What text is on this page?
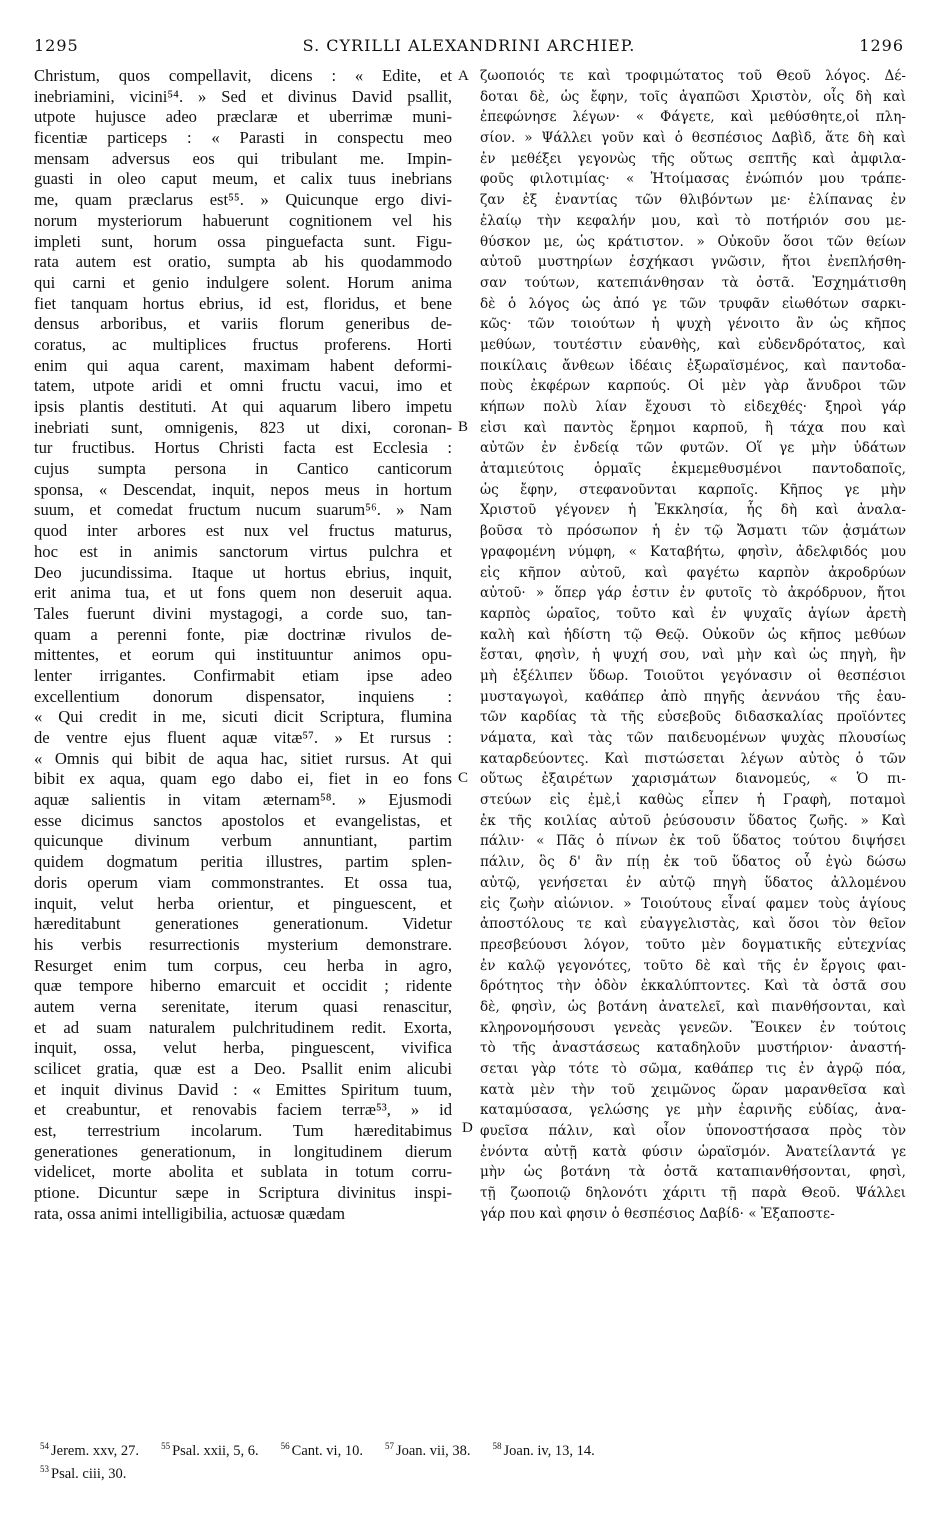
1295	S. CYRILLI ALEXANDRINI ARCHIEP.	1296
Christum, quos compellavit, dicens : « Edite, et
inebriamini, vicini⁵⁴. » Sed et divinus David psallit,
utpote hujusce adeo præclaræ et uberrimæ muni-
ficentiæ particeps : « Parasti in conspectu meo
mensam adversus eos qui tribulant me. Impin-
guasti in oleo caput meum, et calix tuus inebrians
me, quam præclarus est⁵⁵. » Quicunque ergo divi-
norum mysteriorum habuerunt cognitionem vel his
impleti sunt, horum ossa pinguefacta sunt. Figu-
rata autem est oratio, sumpta ab his quodammodo
qui carni et genio indulgere solent. Horum anima
fiet tanquam hortus ebrius, id est, floridus, et bene
densus arboribus, et variis florum generibus de-
coratus, ac multiplices fructus proferens. Horti
enim qui aqua carent, maximam habent deformi-
tatem, utpote aridi et omni fructu vacui, imo et
ipsis plantis destituti. At qui aquarum libero impetu
inebriati sunt, omnigenis, 823 ut dixi, coronan-
tur fructibus. Hortus Christi facta est Ecclesia :
cujus sumpta persona in Cantico canticorum
sponsa, « Descendat, inquit, nepos meus in hortum
suum, et comedat fructum nucum suarum⁵⁶. » Nam
quod inter arbores est nux vel fructus maturus,
hoc est in animis sanctorum virtus pulchra et
Deo jucundissima. Itaque ut hortus ebrius, inquit,
erit anima tua, et ut fons quem non deseruit aqua.
Tales fuerunt divini mystagogi, a corde suo, tan-
quam a perenni fonte, piæ doctrinæ rivulos de-
mittentes, et eorum qui instituuntur animos opu-
lenter irrigantes. Confirmabit etiam ipse adeo
excellentium donorum dispensator, inquiens :
« Qui credit in me, sicuti dicit Scriptura, flumina
de ventre ejus fluent aquæ vitæ⁵⁷. » Et rursus :
« Omnis qui bibit de aqua hac, sitiet rursus. At qui
bibit ex aqua, quam ego dabo ei, fiet in eo fons
aquæ salientis in vitam æternam⁵⁸. » Ejusmodi
esse dicimus sanctos apostolos et evangelistas, et
quicunque divinum verbum annuntiant, partim
quidem dogmatum peritia illustres, partim splen-
doris operum viam commonstrantes. Et ossa tua,
inquit, velut herba orientur, et pinguescent, et
hæreditabunt generationes generationum. Videtur
his verbis resurrectionis mysterium demonstrare.
Resurget enim tum corpus, ceu herba in agro,
quæ tempore hiberno emarcuit et occidit ; ridente
autem verna serenitate, iterum quasi renascitur,
et ad suam naturalem pulchritudinem redit. Exorta,
inquit, ossa, velut herba, pinguescent, vivifica
scilicet gratia, quæ est a Deo. Psallit enim alicubi
et inquit divinus David : « Emittes Spiritum tuum,
et creabuntur, et renovabis faciem terræ⁵³, » id
est, terrestrium incolarum. Tum hæreditabimus
generationes generationum, in longitudinem dierum
videlicet, morte abolita et sublata in totum corru-
ptione. Dicuntur sæpe in Scriptura divinitus inspi-
rata, ossa animi intelligibilia, actuosæ quædam
A
B
C
D
ζωοποιός τε καὶ τροφιμώτατος τοῦ Θεοῦ λόγος. Δέ-
δοται δὲ, ὡς ἔφην, τοῖς ἀγαπῶσι Χριστὸν, οἷς δὴ καὶ
ἐπεφώνησε λέγων· « Φάγετε, καὶ μεθύσθητε,οἱ πλη-
σίον. » Ψάλλει γοῦν καὶ ὁ θεσπέσιος Δαβὶδ, ἅτε δὴ καὶ
ἐν μεθέξει γεγονὼς τῆς οὕτως σεπτῆς καὶ ἀμφιλα-
φοῦς φιλοτιμίας· « Ἡτοίμασας ἐνώπιόν μου τράπε-
ζαν ἐξ ἐναντίας τῶν θλιβόντων με· ἐλίπανας ἐν
ἐλαίῳ τὴν κεφαλήν μου, καὶ τὸ ποτήριόν σου με-
θύσκον με, ὡς κράτιστον. » Οὐκοῦν ὅσοι τῶν θείων
αὐτοῦ μυστηρίων ἐσχήκασι γνῶσιν, ἤτοι ἐνεπλήσθη-
σαν τούτων, κατεπιάνθησαν τὰ ὀστᾶ. Ἐσχημάτισθη
δὲ ὁ λόγος ὡς ἀπό γε τῶν τρυφᾶν εἰωθότων σαρκι-
κῶς· τῶν τοιούτων ἡ ψυχὴ γένοιτο ἂν ὡς κῆπος
μεθύων, τουτέστιν εὐανθὴς, καὶ εὐδενδρότατος, καὶ
ποικίλαις ἄνθεων ἰδέαις ἐξωραϊσμένος, καὶ παντοδα-
ποὺς ἐκφέρων καρπούς. Οἱ μὲν γὰρ ἄνυδροι τῶν
κήπων πολὺ λίαν ἔχουσι τὸ εἰδεχθές· ξηροὶ γάρ
εἰσι καὶ παντὸς ἔρημοι καρποῦ, ἢ τάχα που καὶ
αὐτῶν ἐν ἐνδείᾳ τῶν φυτῶν. Οἵ γε μὴν ὑδάτων
ἀταμιεύτοις ὁρμαῖς ἐκμεμεθυσμένοι παντοδαποῖς,
ὡς ἔφην, στεφανοῦνται καρποῖς. Κῆπος γε μὴν
Χριστοῦ γέγονεν ἡ Ἐκκλησία, ἧς δὴ καὶ ἀναλα-
βοῦσα τὸ πρόσωπον ἡ ἐν τῷ Ἄσματι τῶν ᾀσμάτων
γραφομένη νύμφη, « Καταβήτω, φησὶν, ἀδελφιδός μου
εἰς κῆπον αὐτοῦ, καὶ φαγέτω καρπὸν ἀκροδρύων
αὐτοῦ· » ὅπερ γάρ ἐστιν ἐν φυτοῖς τὸ ἀκρόδρυον, ἤτοι
καρπὸς ὡραῖος, τοῦτο καὶ ἐν ψυχαῖς ἁγίων ἀρετὴ
καλὴ καὶ ἡδίστη τῷ Θεῷ. Οὐκοῦν ὡς κῆπος μεθύων
ἔσται, φησὶν, ἡ ψυχή σου, ναὶ μὴν καὶ ὡς πηγὴ, ἣν
μὴ ἐξέλιπεν ὕδωρ. Τοιοῦτοι γεγόνασιν οἱ θεσπέσιοι
μυσταγωγοὶ, καθάπερ ἀπὸ πηγῆς ἀεννάου τῆς ἑαυ-
τῶν καρδίας τὰ τῆς εὐσεβοῦς διδασκαλίας προϊόντες
νάματα, καὶ τὰς τῶν παιδευομένων ψυχὰς πλουσίως
καταρδεύοντες. Καὶ πιστώσεται λέγων αὐτὸς ὁ τῶν
οὕτως ἐξαιρέτων χαρισμάτων διανομεύς, « Ὁ πι-
στεύων εἰς ἐμὲ,ἰ καθὼς εἶπεν ἡ Γραφὴ, ποταμοὶ
ἐκ τῆς κοιλίας αὐτοῦ ῥεύσουσιν ὕδατος ζωῆς. » Καὶ
πάλιν· « Πᾶς ὁ πίνων ἐκ τοῦ ὕδατος τούτου διψήσει
πάλιν, ὃς δ' ἂν πίῃ ἐκ τοῦ ὕδατος οὗ ἐγὼ δώσω
αὐτῷ, γενήσεται ἐν αὐτῷ πηγὴ ὕδατος ἀλλομένου
εἰς ζωὴν αἰώνιον. » Τοιούτους εἶναί φαμεν τοὺς ἁγίους
ἀποστόλους τε καὶ εὐαγγελιστὰς, καὶ ὅσοι τὸν θεῖον
πρεσβεύουσι λόγον, τοῦτο μὲν δογματικῆς εὐτεχνίας
ἐν καλῷ γεγονότες, τοῦτο δὲ καὶ τῆς ἐν ἔργοις φαι-
δρότητος τὴν ὁδὸν ἐκκαλύπτοντες. Καὶ τὰ ὀστᾶ σου
δὲ, φησὶν, ὡς βοτάνη ἀνατελεῖ, καὶ πιανθήσονται, καὶ
κληρονομήσουσι γενεὰς γενεῶν. Ἔοικεν ἐν τούτοις
τὸ τῆς ἀναστάσεως καταδηλοῦν μυστήριον· ἀναστή-
σεται γὰρ τότε τὸ σῶμα, καθάπερ τις ἐν ἀγρῷ πόα,
κατὰ μὲν τὴν τοῦ χειμῶνος ὥραν μαρανθεῖσα καὶ
καταμύσασα, γελώσης γε μὴν ἐαρινῆς εὐδίας, ἀνα-
φυεῖσα πάλιν, καὶ οἷον ὑπονοστήσασα πρὸς τὸν
ἐνόντα αὐτῇ κατὰ φύσιν ὡραϊσμόν. Ἀνατείλαντά γε
μὴν ὡς βοτάνη τὰ ὀστᾶ καταπιανθήσονται, φησὶ,
τῇ ζωοποιῷ δηλονότι χάριτι τῇ παρὰ Θεοῦ. Ψάλλει
γάρ που καὶ φησιν ὁ θεσπέσιος Δαβίδ· « Ἐξαποστε-
$^{54}$ Jerem. xxv, 27. $^{55}$ Psal. xxii, 5, 6. $^{56}$ Cant. vi, 10. $^{57}$ Joan. vii, 38. $^{58}$ Joan. iv, 13, 14.
$^{53}$ Psal. ciii, 30.
